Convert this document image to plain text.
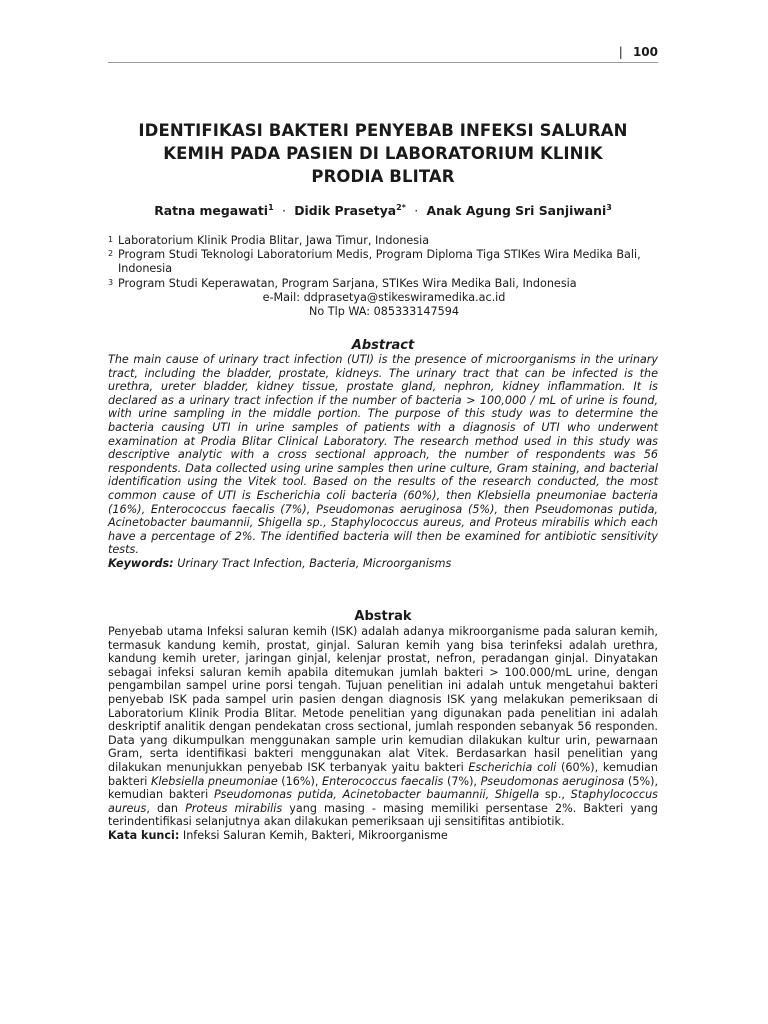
| 100
IDENTIFIKASI BAKTERI PENYEBAB INFEKSI SALURAN
KEMIH PADA PASIEN DI LABORATORIUM KLINIK
PRODIA BLITAR
Ratna megawati$^1$ · Didik Prasetya$^{2*}$ · Anak Agung Sri Sanjiwani$^3$
1 Laboratorium Klinik Prodia Blitar, Jawa Timur, Indonesia
2 Program Studi Teknologi Laboratorium Medis, Program Diploma Tiga STIKes Wira Medika Bali, Indonesia
3 Program Studi Keperawatan, Program Sarjana, STIKes Wira Medika Bali, Indonesia
e-Mail: ddprasetya@stikeswiramedika.ac.id
No Tlp WA: 085333147594
Abstract
The main cause of urinary tract infection (UTI) is the presence of microorganisms in the urinary tract, including the bladder, prostate, kidneys. The urinary tract that can be infected is the urethra, ureter bladder, kidney tissue, prostate gland, nephron, kidney inflammation. It is declared as a urinary tract infection if the number of bacteria > 100,000 / mL of urine is found, with urine sampling in the middle portion. The purpose of this study was to determine the bacteria causing UTI in urine samples of patients with a diagnosis of UTI who underwent examination at Prodia Blitar Clinical Laboratory. The research method used in this study was descriptive analytic with a cross sectional approach, the number of respondents was 56 respondents. Data collected using urine samples then urine culture, Gram staining, and bacterial identification using the Vitek tool. Based on the results of the research conducted, the most common cause of UTI is Escherichia coli bacteria (60%), then Klebsiella pneumoniae bacteria (16%), Enterococcus faecalis (7%), Pseudomonas aeruginosa (5%), then Pseudomonas putida, Acinetobacter baumannii, Shigella sp., Staphylococcus aureus, and Proteus mirabilis which each have a percentage of 2%. The identified bacteria will then be examined for antibiotic sensitivity tests.
Keywords: Urinary Tract Infection, Bacteria, Microorganisms
Abstrak
Penyebab utama Infeksi saluran kemih (ISK) adalah adanya mikroorganisme pada saluran kemih, termasuk kandung kemih, prostat, ginjal. Saluran kemih yang bisa terinfeksi adalah urethra, kandung kemih ureter, jaringan ginjal, kelenjar prostat, nefron, peradangan ginjal. Dinyatakan sebagai infeksi saluran kemih apabila ditemukan jumlah bakteri > 100.000/mL urine, dengan pengambilan sampel urine porsi tengah. Tujuan penelitian ini adalah untuk mengetahui bakteri penyebab ISK pada sampel urin pasien dengan diagnosis ISK yang melakukan pemeriksaan di Laboratorium Klinik Prodia Blitar. Metode penelitian yang digunakan pada penelitian ini adalah deskriptif analitik dengan pendekatan cross sectional, jumlah responden sebanyak 56 responden. Data yang dikumpulkan menggunakan sample urin kemudian dilakukan kultur urin, pewarnaan Gram, serta identifikasi bakteri menggunakan alat Vitek. Berdasarkan hasil penelitian yang dilakukan menunjukkan penyebab ISK terbanyak yaitu bakteri Escherichia coli (60%), kemudian bakteri Klebsiella pneumoniae (16%), Enterococcus faecalis (7%), Pseudomonas aeruginosa (5%), kemudian bakteri Pseudomonas putida, Acinetobacter baumannii, Shigella sp., Staphylococcus aureus, dan Proteus mirabilis yang masing - masing memiliki persentase 2%. Bakteri yang terindentifikasi selanjutnya akan dilakukan pemeriksaan uji sensitifitas antibiotik.
Kata kunci: Infeksi Saluran Kemih, Bakteri, Mikroorganisme
